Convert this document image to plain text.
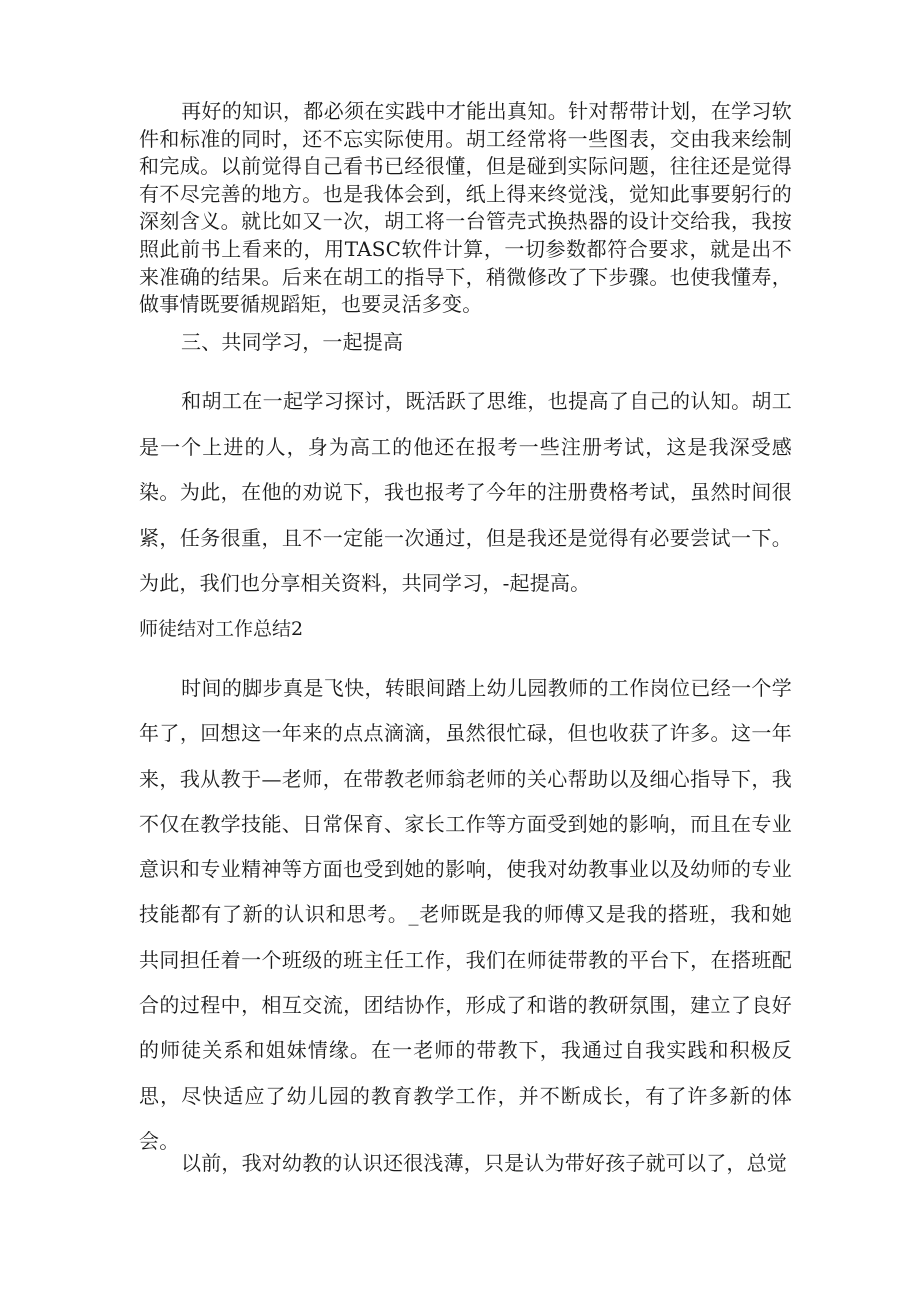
再好的知识，都必须在实践中才能出真知。针对帮带计划，在学习软件和标准的同时，还不忘实际使用。胡工经常将一些图表，交由我来绘制和完成。以前觉得自己看书已经很懂，但是碰到实际问题，往往还是觉得有不尽完善的地方。也是我体会到，纸上得来终觉浅，觉知此事要躬行的深刻含义。就比如又一次，胡工将一台管壳式换热器的设计交给我，我按照此前书上看来的，用TASC软件计算，一切参数都符合要求，就是出不来准确的结果。后来在胡工的指导下，稍微修改了下步骤。也使我懂寿，做事情既要循规蹈矩，也要灵活多变。

三、共同学习，一起提高

和胡工在一起学习探讨，既活跃了思维，也提高了自己的认知。胡工是一个上进的人，身为高工的他还在报考一些注册考试，这是我深受感染。为此，在他的劝说下，我也报考了今年的注册费格考试，虽然时间很紧，任务很重，且不一定能一次通过，但是我还是觉得有必要尝试一下。为此，我们也分享相关资料，共同学习，-起提高。

师徒结对工作总结2

时间的脚步真是飞快，转眼间踏上幼儿园教师的工作岗位已经一个学年了，回想这一年来的点点滴滴，虽然很忙碌，但也收获了许多。这一年来，我从教于—老师，在带教老师翁老师的关心帮助以及细心指导下，我不仅在教学技能、日常保育、家长工作等方面受到她的影响，而且在专业意识和专业精神等方面也受到她的影响，使我对幼教事业以及幼师的专业技能都有了新的认识和思考。_老师既是我的师傅又是我的搭班，我和她共同担任着一个班级的班主任工作，我们在师徒带教的平台下，在搭班配合的过程中，相互交流，团结协作，形成了和谐的教研氛围，建立了良好的师徒关系和姐妹情缘。在一老师的带教下，我通过自我实践和积极反思，尽快适应了幼儿园的教育教学工作，并不断成长，有了许多新的体会。

以前，我对幼教的认识还很浅薄，只是认为带好孩子就可以了，总觉
